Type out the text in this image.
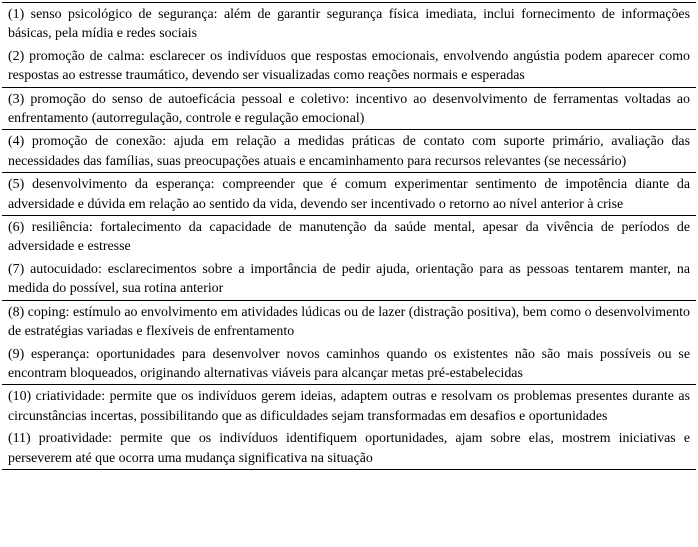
(1) senso psicológico de segurança: além de garantir segurança física imediata, inclui fornecimento de informações básicas, pela mídia e redes sociais
(2) promoção de calma: esclarecer os indivíduos que respostas emocionais, envolvendo angústia podem aparecer como respostas ao estresse traumático, devendo ser visualizadas como reações normais e esperadas
(3) promoção do senso de autoeficácia pessoal e coletivo: incentivo ao desenvolvimento de ferramentas voltadas ao enfrentamento (autorregulação, controle e regulação emocional)
(4) promoção de conexão: ajuda em relação a medidas práticas de contato com suporte primário, avaliação das necessidades das famílias, suas preocupações atuais e encaminhamento para recursos relevantes (se necessário)
(5) desenvolvimento da esperança: compreender que é comum experimentar sentimento de impotência diante da adversidade e dúvida em relação ao sentido da vida, devendo ser incentivado o retorno ao nível anterior à crise
(6) resiliência: fortalecimento da capacidade de manutenção da saúde mental, apesar da vivência de períodos de adversidade e estresse
(7) autocuidado: esclarecimentos sobre a importância de pedir ajuda, orientação para as pessoas tentarem manter, na medida do possível, sua rotina anterior
(8) coping: estímulo ao envolvimento em atividades lúdicas ou de lazer (distração positiva), bem como o desenvolvimento de estratégias variadas e flexíveis de enfrentamento
(9) esperança: oportunidades para desenvolver novos caminhos quando os existentes não são mais possíveis ou se encontram bloqueados, originando alternativas viáveis para alcançar metas pré-estabelecidas
(10) criatividade: permite que os indivíduos gerem ideias, adaptem outras e resolvam os problemas presentes durante as circunstâncias incertas, possibilitando que as dificuldades sejam transformadas em desafios e oportunidades
(11) proatividade: permite que os indivíduos identifiquem oportunidades, ajam sobre elas, mostrem iniciativas e perseverem até que ocorra uma mudança significativa na situação
